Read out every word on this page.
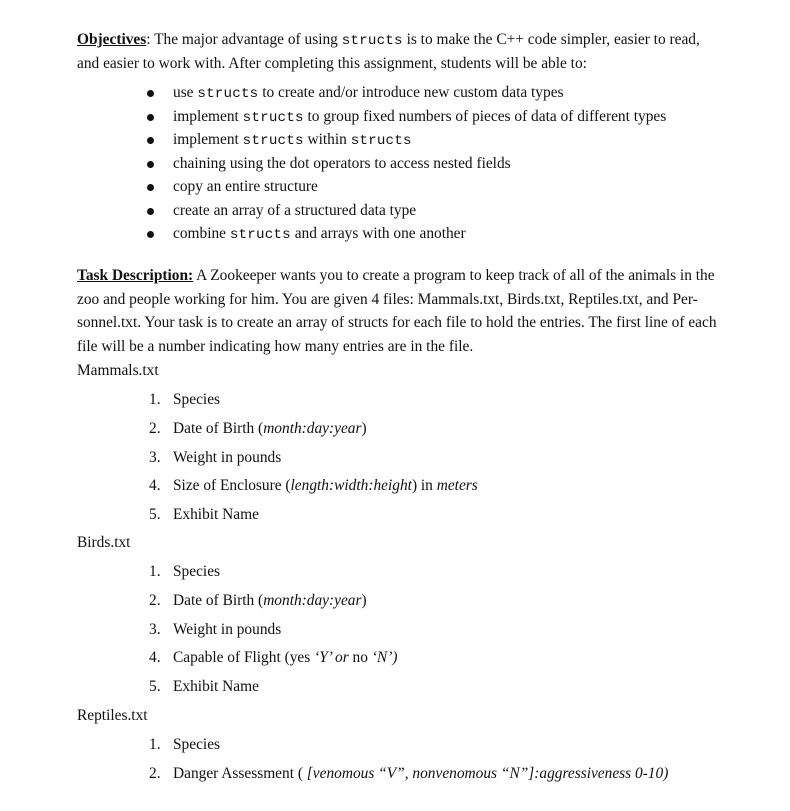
Objectives: The major advantage of using structs is to make the C++ code simpler, easier to read,
and easier to work with. After completing this assignment, students will be able to:

use structs to create and/or introduce new custom data types
implement structs to group fixed numbers of pieces of data of different types
implement structs within structs
chaining using the dot operators to access nested fields
copy an entire structure
create an array of a structured data type
combine structs and arrays with one another

Task Description: A Zookeeper wants you to create a program to keep track of all of the animals in the
zoo and people working for him. You are given 4 files: Mammals.txt, Birds.txt, Reptiles.txt, and Per-
sonnel.txt. Your task is to create an array of structs for each file to hold the entries. The first line of each
file will be a number indicating how many entries are in the file.

Mammals.txt

1. Species
2. Date of Birth (month:day:year)
3. Weight in pounds
4. Size of Enclosure (length:width:height) in meters
5. Exhibit Name

Birds.txt

1. Species
2. Date of Birth (month:day:year)
3. Weight in pounds
4. Capable of Flight (yes ‘Y’ or no ‘N’)
5. Exhibit Name

Reptiles.txt

1. Species
2. Danger Assessment ( [venomous “V”, nonvenomous “N”]:aggressiveness 0-10)
